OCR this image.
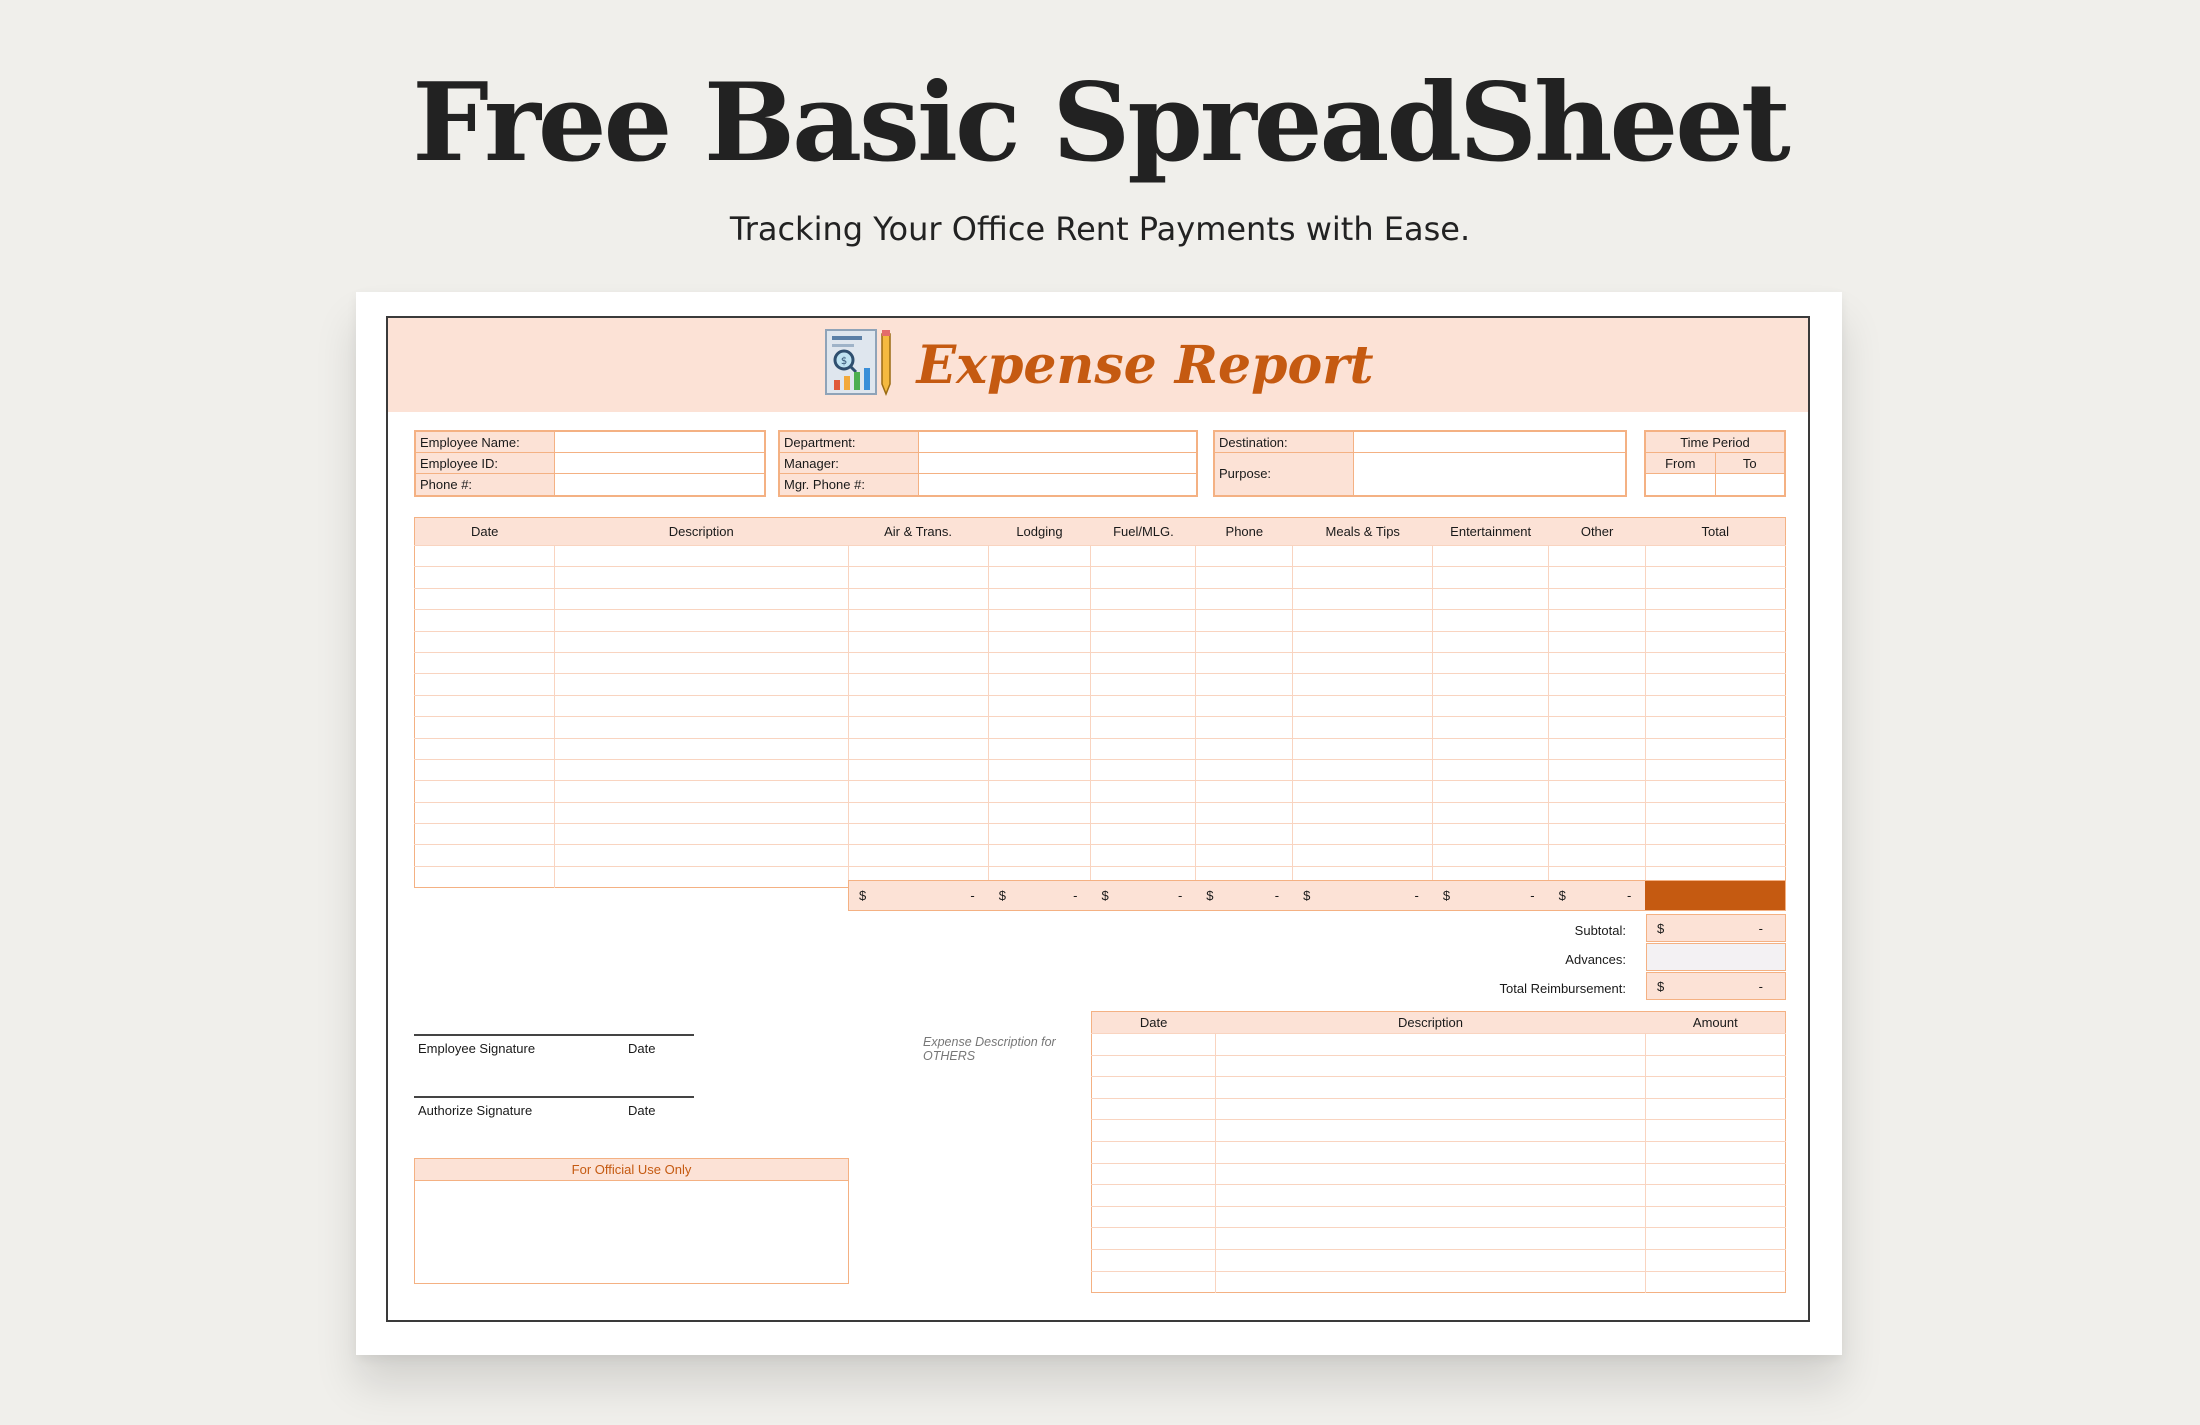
Free Basic SpreadSheet
Tracking Your Office Rent Payments with Ease.
$ Expense Report
Employee Name:
Employee ID:
Phone #:
Department:
Manager:
Mgr. Phone #:
Destination:
Purpose:
Time Period
From	To
Date	Description	Air & Trans.	Lodging	Fuel/MLG.	Phone	Meals & Tips	Entertainment	Other	Total

$	- $	- $	- $	- $	- $	- $	-
Subtotal: $	-
Advances:
Total Reimbursement: $	-
Employee Signature	Date
Authorize Signature	Date
For Official Use Only
Expense Description for OTHERS
Date	Description	Amount
